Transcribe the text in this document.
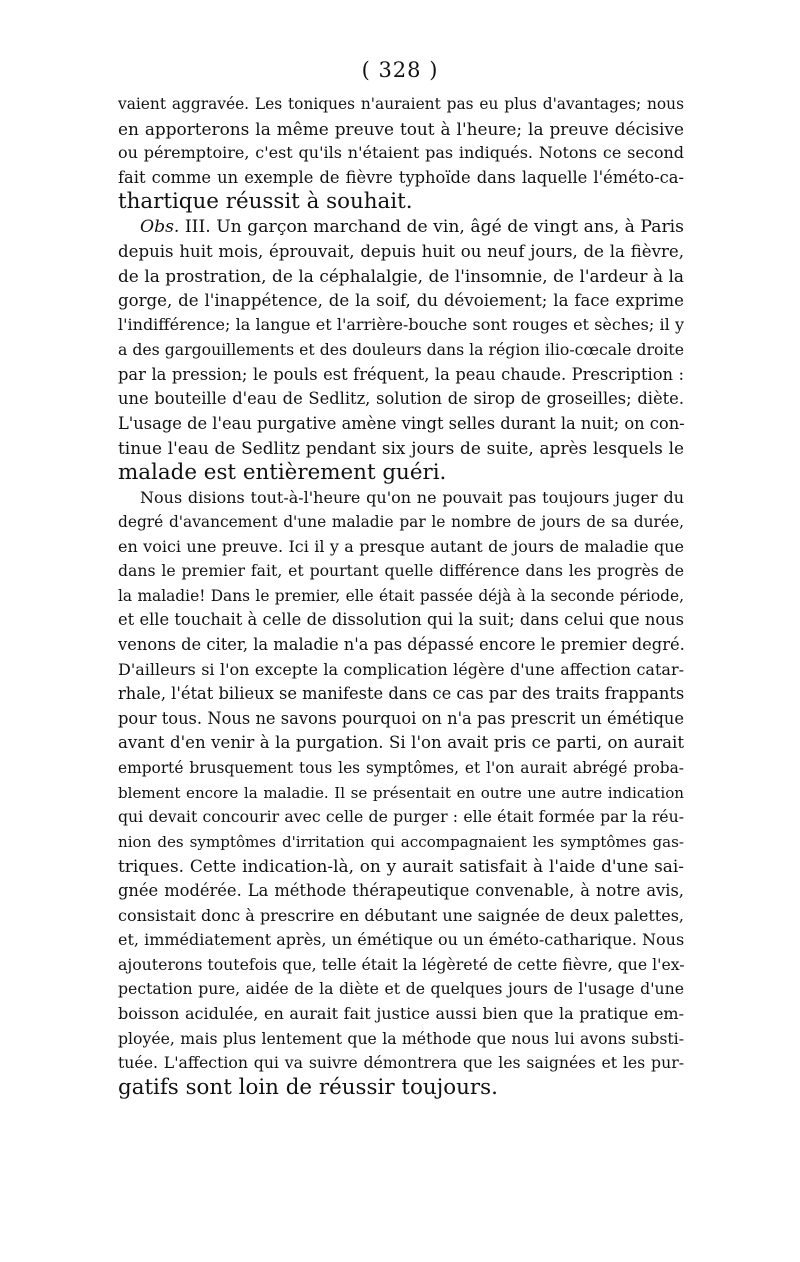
( 328 )
vaient aggravée. Les toniques n'auraient pas eu plus d'avantages; nous
en apporterons la même preuve tout à l'heure; la preuve décisive
ou péremptoire, c'est qu'ils n'étaient pas indiqués. Notons ce second
fait comme un exemple de fièvre typhoïde dans laquelle l'éméto-ca-
thartique réussit à souhait.
Obs. III. Un garçon marchand de vin, âgé de vingt ans, à Paris
depuis huit mois, éprouvait, depuis huit ou neuf jours, de la fièvre,
de la prostration, de la céphalalgie, de l'insomnie, de l'ardeur à la
gorge, de l'inappétence, de la soif, du dévoiement; la face exprime
l'indifférence; la langue et l'arrière-bouche sont rouges et sèches; il y
a des gargouillements et des douleurs dans la région ilio-cœcale droite
par la pression; le pouls est fréquent, la peau chaude. Prescription :
une bouteille d'eau de Sedlitz, solution de sirop de groseilles; diète.
L'usage de l'eau purgative amène vingt selles durant la nuit; on con-
tinue l'eau de Sedlitz pendant six jours de suite, après lesquels le
malade est entièrement guéri.
Nous disions tout-à-l'heure qu'on ne pouvait pas toujours juger du
degré d'avancement d'une maladie par le nombre de jours de sa durée,
en voici une preuve. Ici il y a presque autant de jours de maladie que
dans le premier fait, et pourtant quelle différence dans les progrès de
la maladie! Dans le premier, elle était passée déjà à la seconde période,
et elle touchait à celle de dissolution qui la suit; dans celui que nous
venons de citer, la maladie n'a pas dépassé encore le premier degré.
D'ailleurs si l'on excepte la complication légère d'une affection catar-
rhale, l'état bilieux se manifeste dans ce cas par des traits frappants
pour tous. Nous ne savons pourquoi on n'a pas prescrit un émétique
avant d'en venir à la purgation. Si l'on avait pris ce parti, on aurait
emporté brusquement tous les symptômes, et l'on aurait abrégé proba-
blement encore la maladie. Il se présentait en outre une autre indication
qui devait concourir avec celle de purger : elle était formée par la réu-
nion des symptômes d'irritation qui accompagnaient les symptômes gas-
triques. Cette indication-là, on y aurait satisfait à l'aide d'une sai-
gnée modérée. La méthode thérapeutique convenable, à notre avis,
consistait donc à prescrire en débutant une saignée de deux palettes,
et, immédiatement après, un émétique ou un éméto-catharique. Nous
ajouterons toutefois que, telle était la légèreté de cette fièvre, que l'ex-
pectation pure, aidée de la diète et de quelques jours de l'usage d'une
boisson acidulée, en aurait fait justice aussi bien que la pratique em-
ployée, mais plus lentement que la méthode que nous lui avons substi-
tuée. L'affection qui va suivre démontrera que les saignées et les pur-
gatifs sont loin de réussir toujours.
